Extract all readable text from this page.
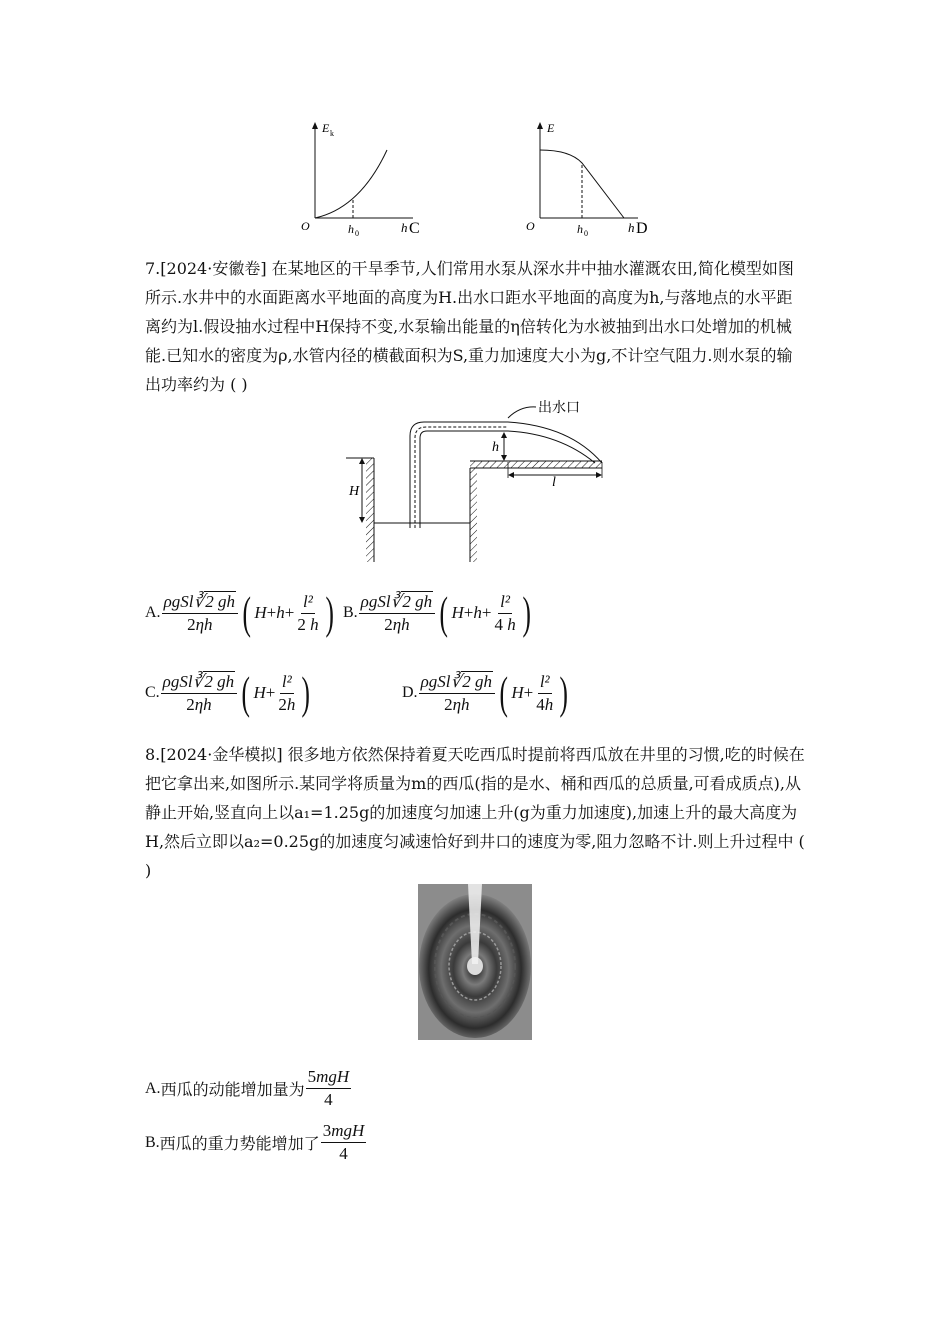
E k
O	h 0	h C
E
O	h 0	h D
7.[2024·安徽卷] 在某地区的干旱季节,人们常用水泵从深水井中抽水灌溉农田,简化模型如图所示.水井中的水面距离水平地面的高度为H.出水口距水平地面的高度为h,与落地点的水平距离约为l.假设抽水过程中H保持不变,水泵输出能量的η倍转化为水被抽到出水口处增加的机械能.已知水的密度为ρ,水管内径的横截面积为S,重力加速度大小为g,不计空气阻力.则水泵的输出功率约为 ( )
H
出水口
h
l
A. $\frac{\text{ρgSl∛2 gh}}{2\eta h}$ ( $H + h + \frac{\text{l²}}{2 h}$ ) B. $\frac{\text{ρgSl∛2 gh}}{2\eta h}$ ( $H + h + \frac{\text{l²}}{4 h}$ )
C. $\frac{\text{ρgSl∛2 gh}}{2\eta h}$ ( $H + \frac{\text{l²}}{2h}$ )	D. $\frac{\text{ρgSl∛2 gh}}{2\eta h}$ ( $H + \frac{\text{l²}}{4h}$ )
8.[2024·金华模拟] 很多地方依然保持着夏天吃西瓜时提前将西瓜放在井里的习惯,吃的时候在把它拿出来,如图所示.某同学将质量为m的西瓜(指的是水、桶和西瓜的总质量,可看成质点),从静止开始,竖直向上以a₁=1.25g的加速度匀加速上升(g为重力加速度),加速上升的最大高度为H,然后立即以a₂=0.25g的加速度匀减速恰好到井口的速度为零,阻力忽略不计.则上升过程中 ( )
A. 西瓜的动能增加量为 $\frac{\text{5mgH}}{4}$
B. 西瓜的重力势能增加了 $\frac{\text{3mgH}}{4}$
